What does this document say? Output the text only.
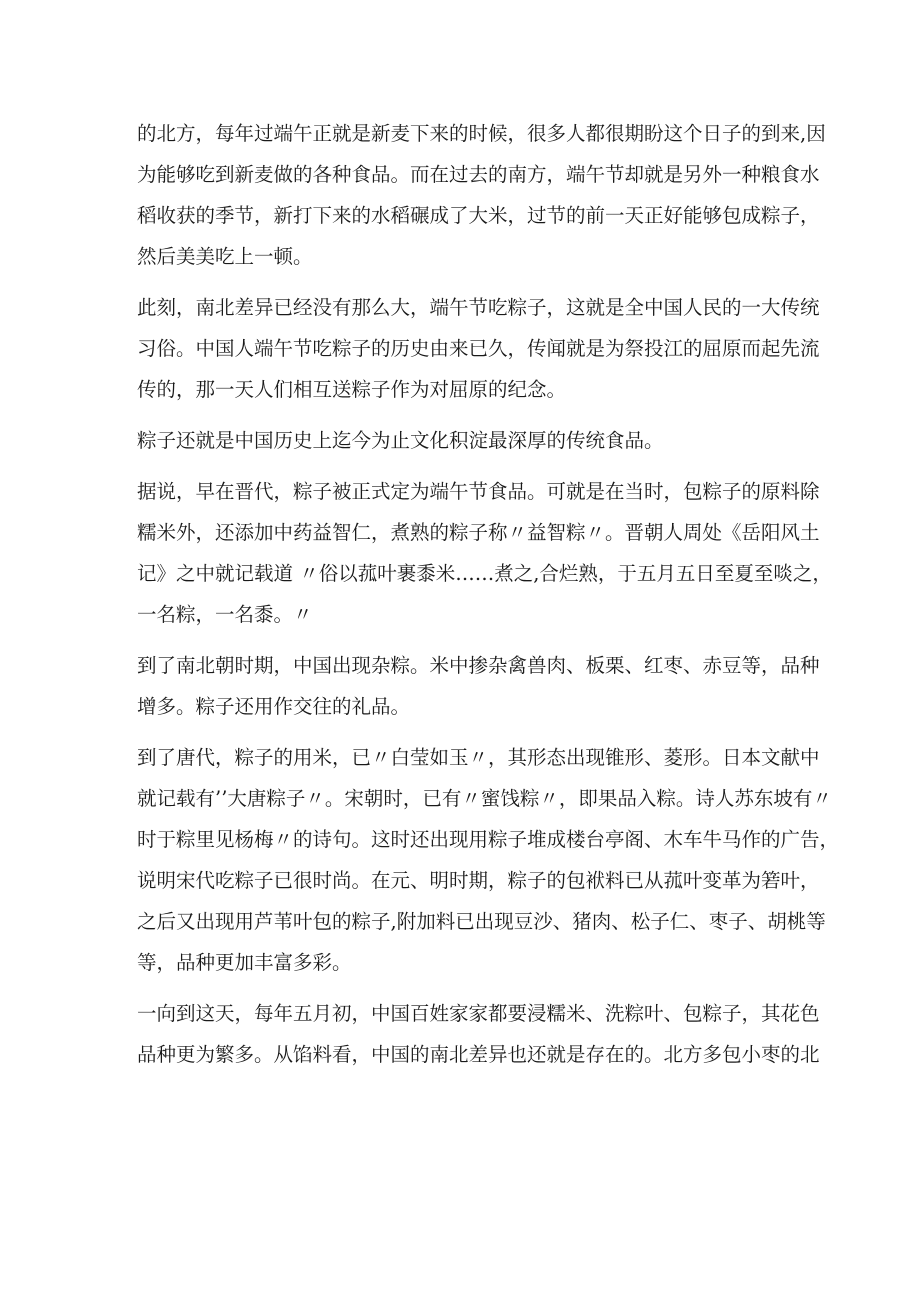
的北方，每年过端午正就是新麦下来的时候，很多人都很期盼这个日子的到来,因
为能够吃到新麦做的各种食品。而在过去的南方，端午节却就是另外一种粮食水
稻收获的季节，新打下来的水稻碾成了大米，过节的前一天正好能够包成粽子，
然后美美吃上一顿。

此刻，南北差异已经没有那么大，端午节吃粽子，这就是全中国人民的一大传统
习俗。中国人端午节吃粽子的历史由来已久，传闻就是为祭投江的屈原而起先流
传的，那一天人们相互送粽子作为对屈原的纪念。

粽子还就是中国历史上迄今为止文化积淀最深厚的传统食品。

据说，早在晋代，粽子被正式定为端午节食品。可就是在当时，包粽子的原料除
糯米外，还添加中药益智仁，煮熟的粽子称〃益智粽〃。晋朝人周处《岳阳风土
记》之中就记载道 〃俗以菰叶裹黍米……煮之,合烂熟，于五月五日至夏至啖之，
一名粽，一名黍。〃

到了南北朝时期，中国出现杂粽。米中掺杂禽兽肉、板栗、红枣、赤豆等，品种
增多。粽子还用作交往的礼品。

到了唐代，粽子的用米，已〃白莹如玉〃，其形态出现锥形、菱形。日本文献中
就记载有’’大唐粽子〃。宋朝时，已有〃蜜饯粽〃，即果品入粽。诗人苏东坡有〃
时于粽里见杨梅〃的诗句。这时还出现用粽子堆成楼台亭阁、木车牛马作的广告，
说明宋代吃粽子已很时尚。在元、明时期，粽子的包袱料已从菰叶变革为箬叶，
之后又出现用芦苇叶包的粽子,附加料已出现豆沙、猪肉、松子仁、枣子、胡桃等
等，品种更加丰富多彩。

一向到这天，每年五月初，中国百姓家家都要浸糯米、洗粽叶、包粽子，其花色
品种更为繁多。从馅料看，中国的南北差异也还就是存在的。北方多包小枣的北
